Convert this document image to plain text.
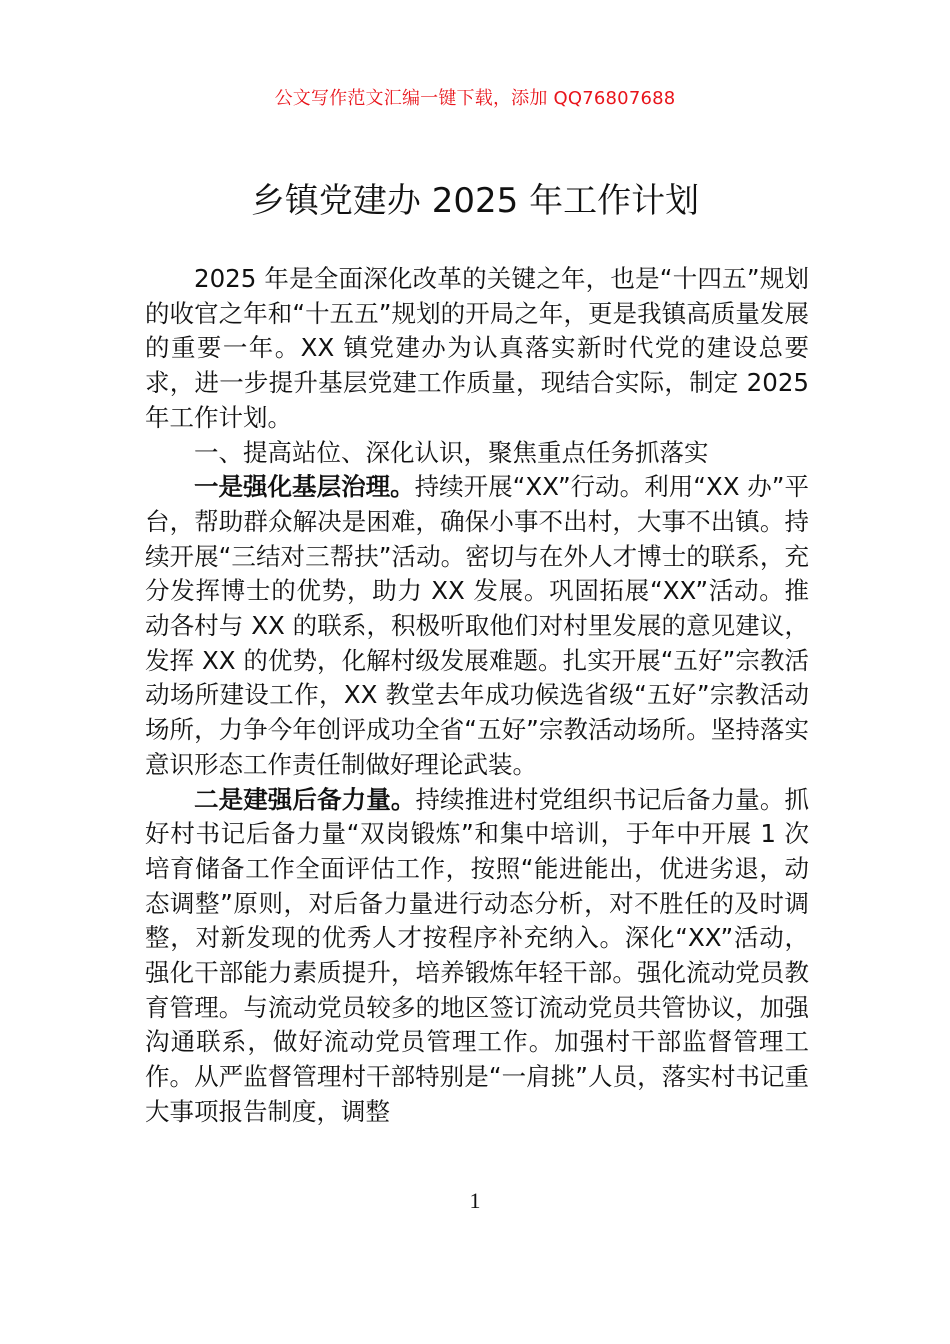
公文写作范文汇编一键下载，添加 QQ76807688
乡镇党建办 2025 年工作计划

2025 年是全面深化改革的关键之年，也是“十四五”规划的收官之年和“十五五”规划的开局之年，更是我镇高质量发展的重要一年。XX 镇党建办为认真落实新时代党的建设总要求，进一步提升基层党建工作质量，现结合实际，制定 2025 年工作计划。

一、提高站位、深化认识，聚焦重点任务抓落实

一是强化基层治理。持续开展“XX”行动。利用“XX 办”平台，帮助群众解决是困难，确保小事不出村，大事不出镇。持续开展“三结对三帮扶”活动。密切与在外人才博士的联系，充分发挥博士的优势，助力 XX 发展。巩固拓展“XX”活动。推动各村与 XX 的联系，积极听取他们对村里发展的意见建议，发挥 XX 的优势，化解村级发展难题。扎实开展“五好”宗教活动场所建设工作，XX 教堂去年成功候选省级“五好”宗教活动场所，力争今年创评成功全省“五好”宗教活动场所。坚持落实意识形态工作责任制做好理论武装。

二是建强后备力量。持续推进村党组织书记后备力量。抓好村书记后备力量“双岗锻炼”和集中培训，于年中开展 1 次培育储备工作全面评估工作，按照“能进能出，优进劣退，动态调整”原则，对后备力量进行动态分析，对不胜任的及时调整，对新发现的优秀人才按程序补充纳入。深化“XX”活动，强化干部能力素质提升，培养锻炼年轻干部。强化流动党员教育管理。与流动党员较多的地区签订流动党员共管协议，加强沟通联系，做好流动党员管理工作。加强村干部监督管理工作。从严监督管理村干部特别是“一肩挑”人员，落实村书记重大事项报告制度，调整

1
